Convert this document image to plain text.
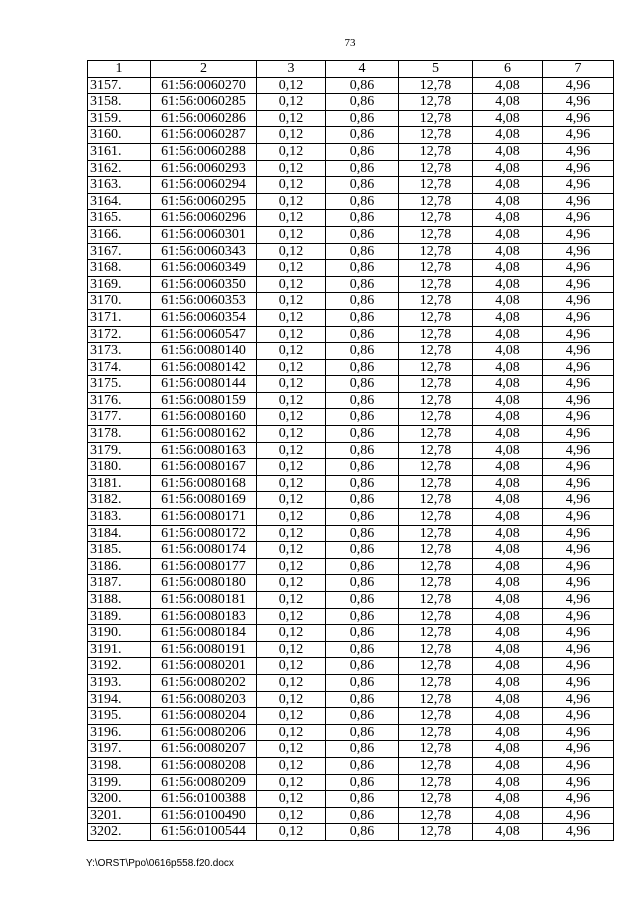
73
1	2	3	4	5	6	7
3157.	61:56:0060270	0,12	0,86	12,78	4,08	4,96
3158.	61:56:0060285	0,12	0,86	12,78	4,08	4,96
3159.	61:56:0060286	0,12	0,86	12,78	4,08	4,96
3160.	61:56:0060287	0,12	0,86	12,78	4,08	4,96
3161.	61:56:0060288	0,12	0,86	12,78	4,08	4,96
3162.	61:56:0060293	0,12	0,86	12,78	4,08	4,96
3163.	61:56:0060294	0,12	0,86	12,78	4,08	4,96
3164.	61:56:0060295	0,12	0,86	12,78	4,08	4,96
3165.	61:56:0060296	0,12	0,86	12,78	4,08	4,96
3166.	61:56:0060301	0,12	0,86	12,78	4,08	4,96
3167.	61:56:0060343	0,12	0,86	12,78	4,08	4,96
3168.	61:56:0060349	0,12	0,86	12,78	4,08	4,96
3169.	61:56:0060350	0,12	0,86	12,78	4,08	4,96
3170.	61:56:0060353	0,12	0,86	12,78	4,08	4,96
3171.	61:56:0060354	0,12	0,86	12,78	4,08	4,96
3172.	61:56:0060547	0,12	0,86	12,78	4,08	4,96
3173.	61:56:0080140	0,12	0,86	12,78	4,08	4,96
3174.	61:56:0080142	0,12	0,86	12,78	4,08	4,96
3175.	61:56:0080144	0,12	0,86	12,78	4,08	4,96
3176.	61:56:0080159	0,12	0,86	12,78	4,08	4,96
3177.	61:56:0080160	0,12	0,86	12,78	4,08	4,96
3178.	61:56:0080162	0,12	0,86	12,78	4,08	4,96
3179.	61:56:0080163	0,12	0,86	12,78	4,08	4,96
3180.	61:56:0080167	0,12	0,86	12,78	4,08	4,96
3181.	61:56:0080168	0,12	0,86	12,78	4,08	4,96
3182.	61:56:0080169	0,12	0,86	12,78	4,08	4,96
3183.	61:56:0080171	0,12	0,86	12,78	4,08	4,96
3184.	61:56:0080172	0,12	0,86	12,78	4,08	4,96
3185.	61:56:0080174	0,12	0,86	12,78	4,08	4,96
3186.	61:56:0080177	0,12	0,86	12,78	4,08	4,96
3187.	61:56:0080180	0,12	0,86	12,78	4,08	4,96
3188.	61:56:0080181	0,12	0,86	12,78	4,08	4,96
3189.	61:56:0080183	0,12	0,86	12,78	4,08	4,96
3190.	61:56:0080184	0,12	0,86	12,78	4,08	4,96
3191.	61:56:0080191	0,12	0,86	12,78	4,08	4,96
3192.	61:56:0080201	0,12	0,86	12,78	4,08	4,96
3193.	61:56:0080202	0,12	0,86	12,78	4,08	4,96
3194.	61:56:0080203	0,12	0,86	12,78	4,08	4,96
3195.	61:56:0080204	0,12	0,86	12,78	4,08	4,96
3196.	61:56:0080206	0,12	0,86	12,78	4,08	4,96
3197.	61:56:0080207	0,12	0,86	12,78	4,08	4,96
3198.	61:56:0080208	0,12	0,86	12,78	4,08	4,96
3199.	61:56:0080209	0,12	0,86	12,78	4,08	4,96
3200.	61:56:0100388	0,12	0,86	12,78	4,08	4,96
3201.	61:56:0100490	0,12	0,86	12,78	4,08	4,96
3202.	61:56:0100544	0,12	0,86	12,78	4,08	4,96
Y:\ORST\Ppo\0616p558.f20.docx
